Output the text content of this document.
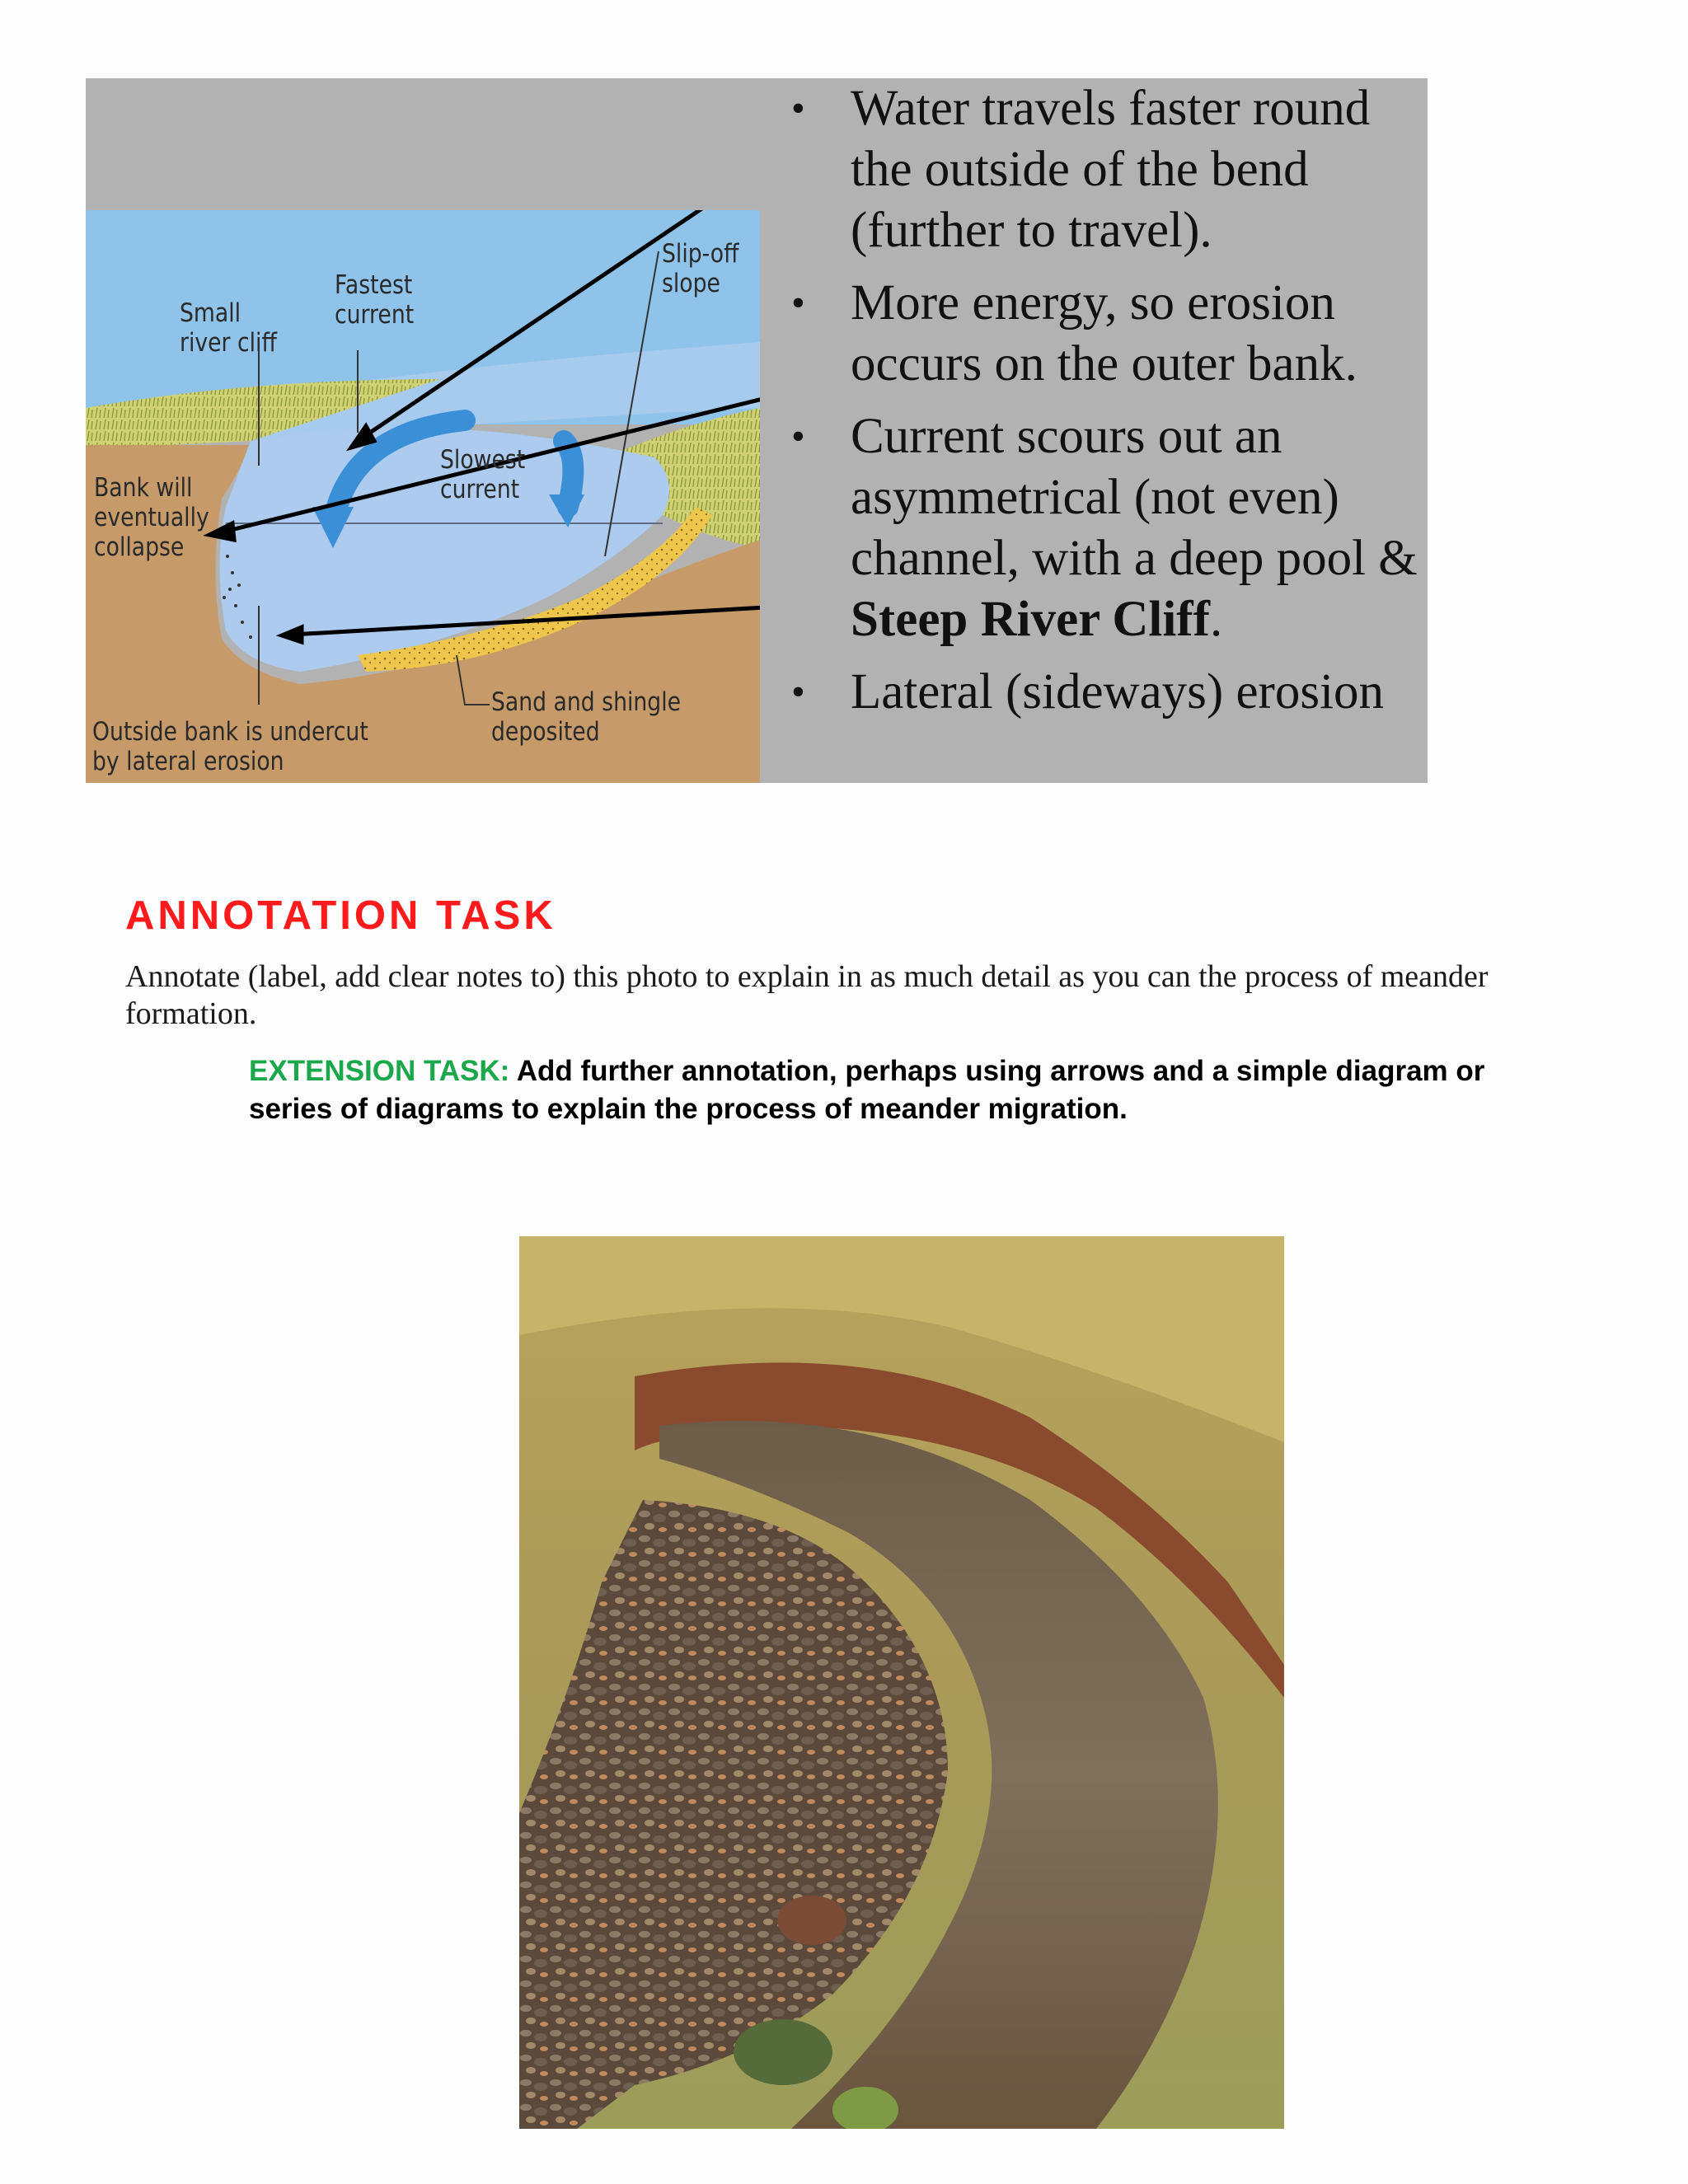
Small
river cliff
Fastest
current
Slip-off
slope
Slowest
current
Bank will
eventually
collapse
Outside bank is undercut
by lateral erosion
Sand and shingle
deposited
• Water travels faster round the outside of the bend (further to travel).
• More energy, so erosion occurs on the outer bank.
• Current scours out an asymmetrical (not even) channel, with a deep pool & Steep River Cliff.
• Lateral (sideways) erosion
ANNOTATION TASK

Annotate (label, add clear notes to) this photo to explain in as much detail as you can the process of meander formation.

EXTENSION TASK: Add further annotation, perhaps using arrows and a simple diagram or series of diagrams to explain the process of meander migration.
